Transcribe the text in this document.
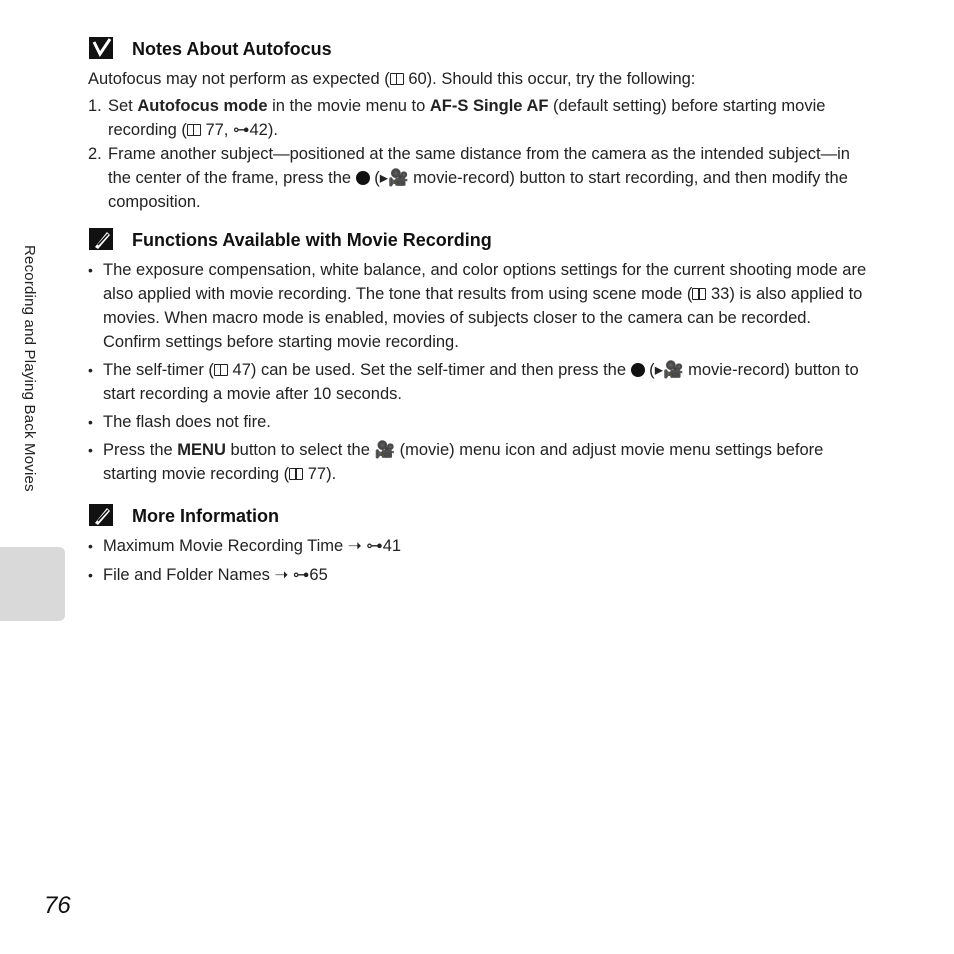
Recording and Playing Back Movies
Notes About Autofocus
Autofocus may not perform as expected ( 60). Should this occur, try the following:
1. Set Autofocus mode in the movie menu to AF-S Single AF (default setting) before starting movie recording ( 77, ⊶42).
2. Frame another subject—positioned at the same distance from the camera as the intended subject—in the center of the frame, press the  (▸🎥 movie-record) button to start recording, and then modify the composition.
Functions Available with Movie Recording
• The exposure compensation, white balance, and color options settings for the current shooting mode are also applied with movie recording. The tone that results from using scene mode ( 33) is also applied to movies. When macro mode is enabled, movies of subjects closer to the camera can be recorded. Confirm settings before starting movie recording.
• The self-timer ( 47) can be used. Set the self-timer and then press the  (▸🎥 movie-record) button to start recording a movie after 10 seconds.
• The flash does not fire.
• Press the MENU button to select the 🎥 (movie) menu icon and adjust movie menu settings before starting movie recording ( 77).
More Information
• Maximum Movie Recording Time ➝ ⊶41
• File and Folder Names ➝ ⊶65
76
